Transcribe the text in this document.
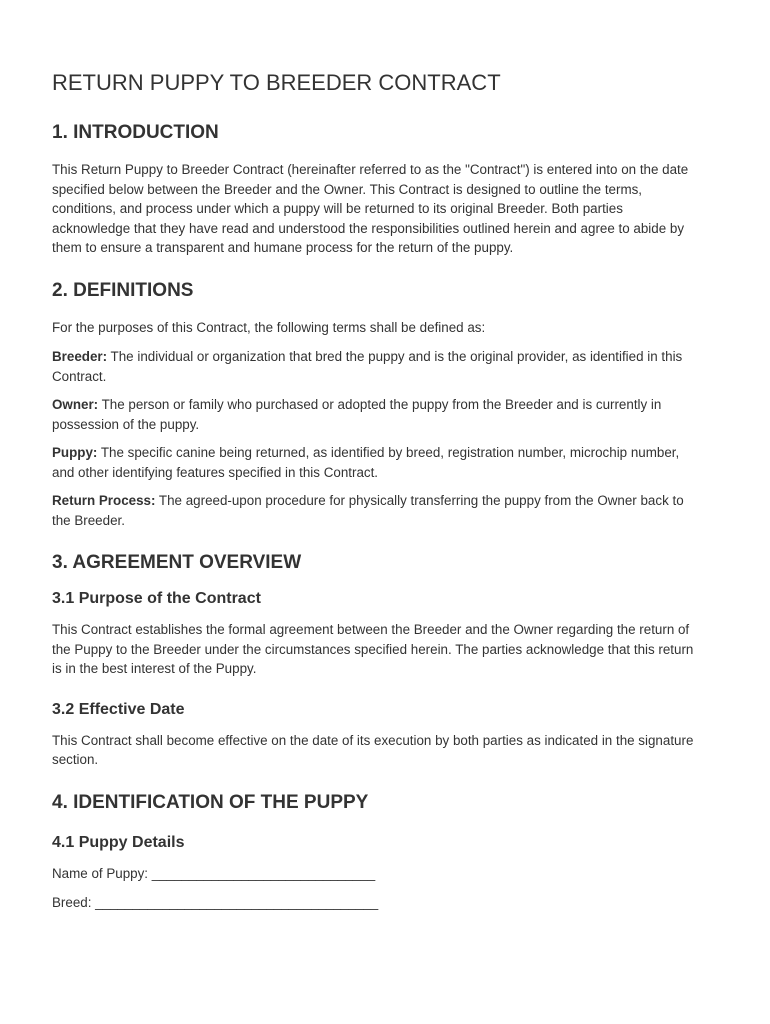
RETURN PUPPY TO BREEDER CONTRACT
1. INTRODUCTION

This Return Puppy to Breeder Contract (hereinafter referred to as the "Contract") is entered into on the date specified below between the Breeder and the Owner. This Contract is designed to outline the terms, conditions, and process under which a puppy will be returned to its original Breeder. Both parties acknowledge that they have read and understood the responsibilities outlined herein and agree to abide by them to ensure a transparent and humane process for the return of the puppy.

2. DEFINITIONS

For the purposes of this Contract, the following terms shall be defined as:

Breeder: The individual or organization that bred the puppy and is the original provider, as identified in this Contract.

Owner: The person or family who purchased or adopted the puppy from the Breeder and is currently in possession of the puppy.

Puppy: The specific canine being returned, as identified by breed, registration number, microchip number, and other identifying features specified in this Contract.

Return Process: The agreed-upon procedure for physically transferring the puppy from the Owner back to the Breeder.

3. AGREEMENT OVERVIEW
3.1 Purpose of the Contract

This Contract establishes the formal agreement between the Breeder and the Owner regarding the return of the Puppy to the Breeder under the circumstances specified herein. The parties acknowledge that this return is in the best interest of the Puppy.

3.2 Effective Date

This Contract shall become effective on the date of its execution by both parties as indicated in the signature section.

4. IDENTIFICATION OF THE PUPPY
4.1 Puppy Details

Name of Puppy: ______________________________

Breed: ______________________________________
